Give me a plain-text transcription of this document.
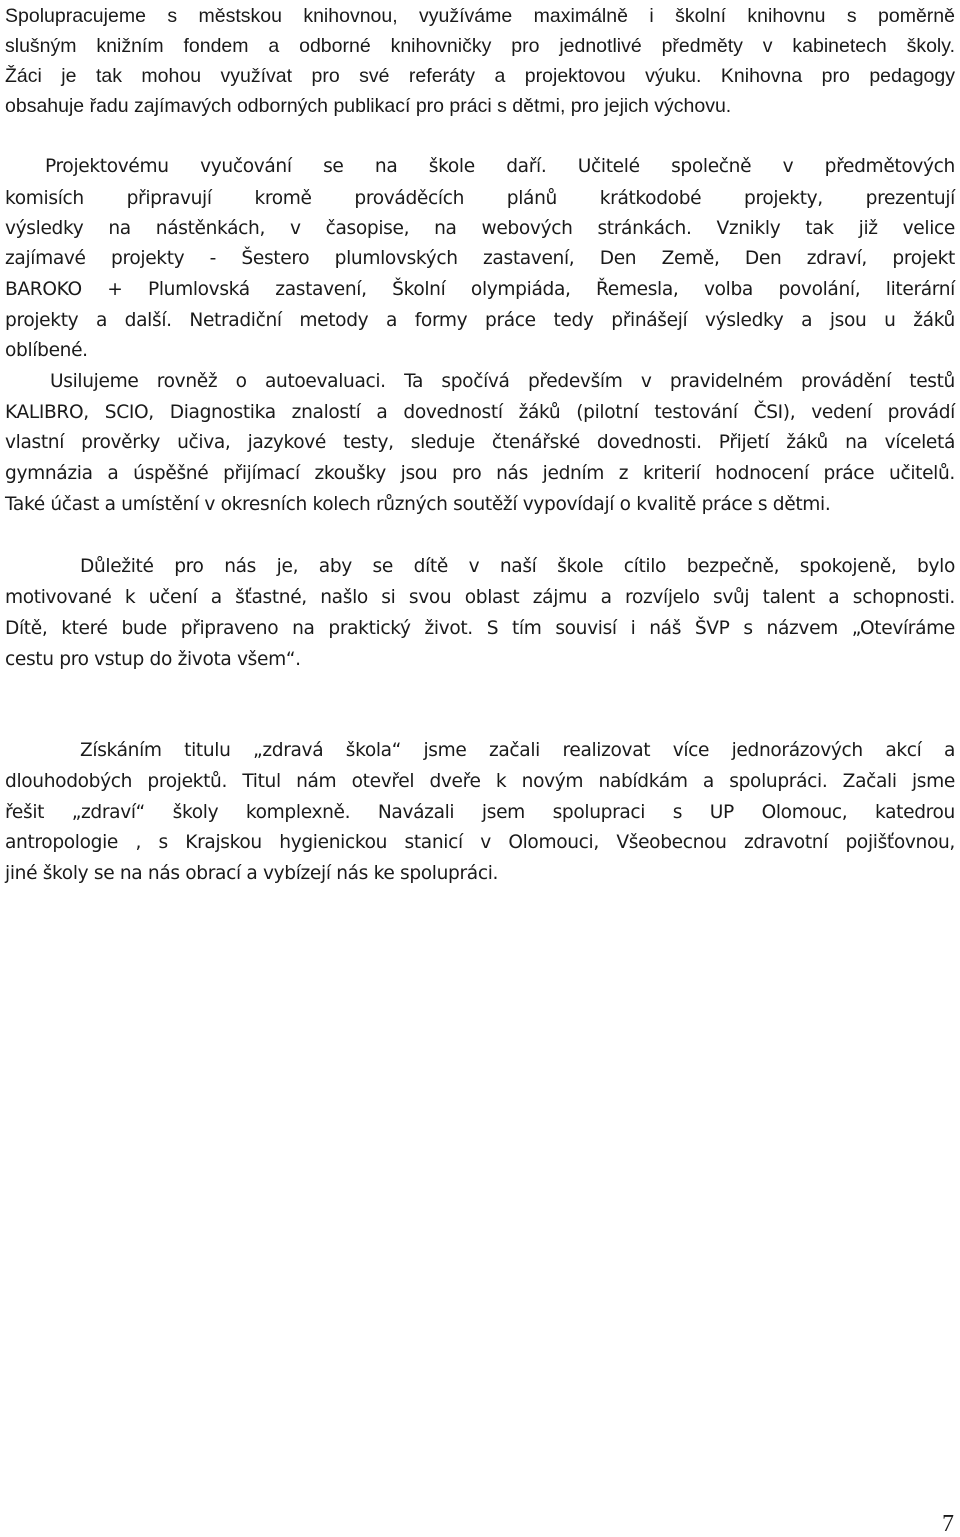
Spolupracujeme s městskou knihovnou, využíváme maximálně i školní knihovnu s poměrně
slušným knižním fondem a odborné knihovničky pro jednotlivé předměty v kabinetech školy.
Žáci je tak mohou využívat pro své referáty a projektovou výuku. Knihovna pro pedagogy
obsahuje řadu zajímavých odborných publikací pro práci s dětmi, pro jejich výchovu.
Projektovému vyučování se na škole daří. Učitelé společně v předmětových
komisích připravují kromě prováděcích plánů krátkodobé projekty, prezentují
výsledky na nástěnkách, v časopise, na webových stránkách. Vznikly tak již velice
zajímavé projekty - Šestero plumlovských zastavení, Den Země, Den zdraví, projekt
BAROKO + Plumlovská zastavení, Školní olympiáda, Řemesla, volba povolání, literární
projekty a další. Netradiční metody a formy práce tedy přinášejí výsledky a jsou u žáků
oblíbené.
Usilujeme rovněž o autoevaluaci. Ta spočívá především v pravidelném provádění testů
KALIBRO, SCIO, Diagnostika znalostí a dovedností žáků (pilotní testování ČSI), vedení provádí
vlastní prověrky učiva, jazykové testy, sleduje čtenářské dovednosti. Přijetí žáků na víceletá
gymnázia a úspěšné přijímací zkoušky jsou pro nás jedním z kriterií hodnocení práce učitelů.
Také účast a umístění v okresních kolech různých soutěží vypovídají o kvalitě práce s dětmi.
Důležité pro nás je, aby se dítě v naší škole cítilo bezpečně, spokojeně, bylo
motivované k učení a šťastné, našlo si svou oblast zájmu a rozvíjelo svůj talent a schopnosti.
Dítě, které bude připraveno na praktický život. S tím souvisí i náš ŠVP s názvem „Otevíráme
cestu pro vstup do života všem“.
Získáním titulu „zdravá škola“ jsme začali realizovat více jednorázových akcí a
dlouhodobých projektů. Titul nám otevřel dveře k novým nabídkám a spolupráci. Začali jsme
řešit „zdraví“ školy komplexně. Navázali jsem spolupraci s UP Olomouc, katedrou
antropologie , s Krajskou hygienickou stanicí v Olomouci, Všeobecnou zdravotní pojišťovnou,
jiné školy se na nás obrací a vybízejí nás ke spolupráci.
7
